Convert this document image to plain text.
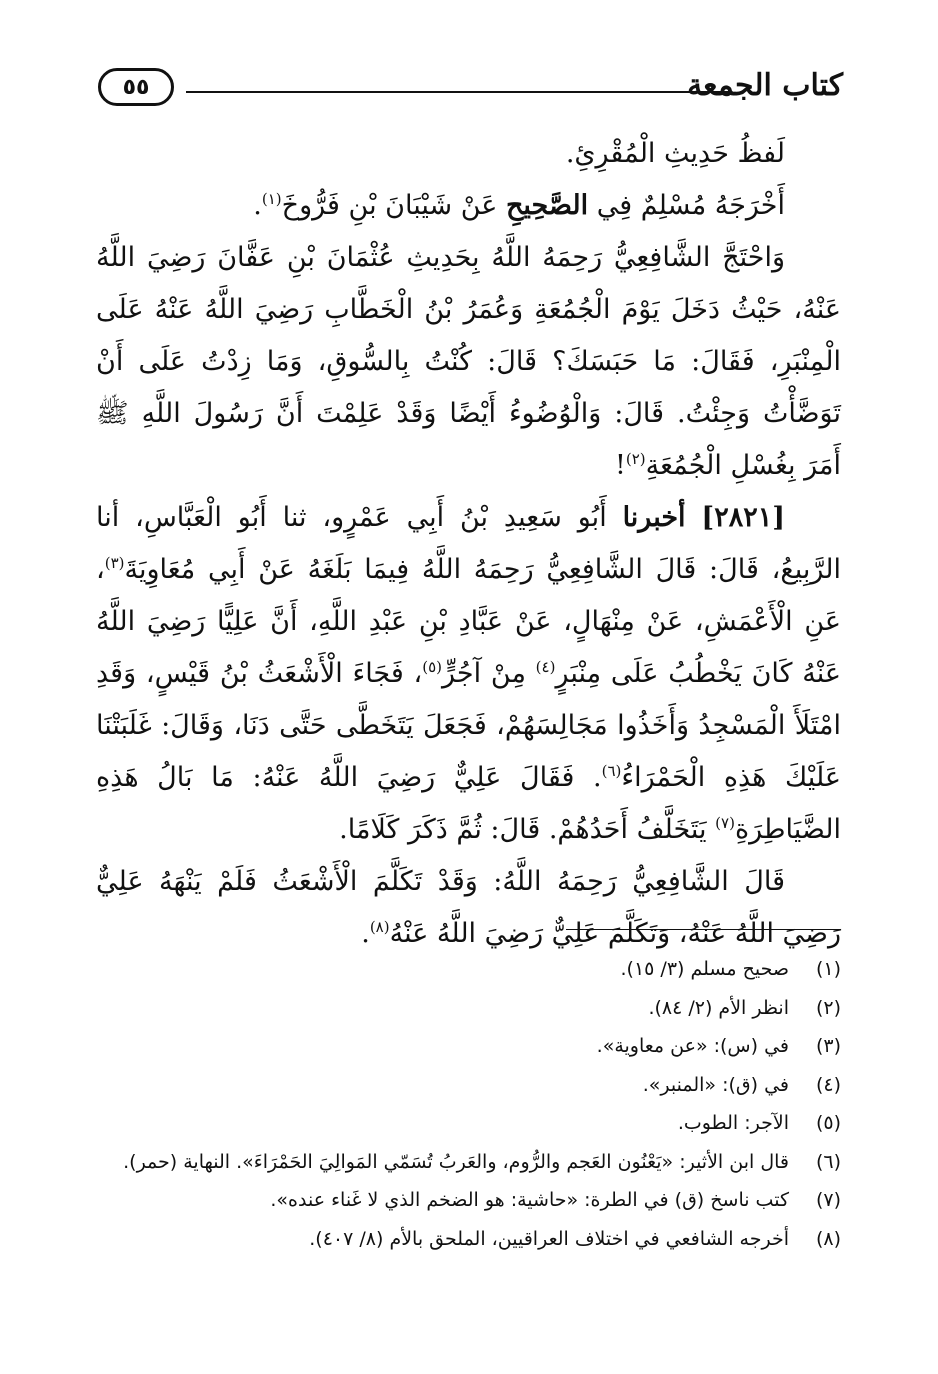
كتاب الجمعة
٥٥

لَفظُ حَدِيثِ الْمُقْرِئِ.

أَخْرَجَهُ مُسْلِمٌ فِي الصَّحِيحِ عَنْ شَيْبَانَ بْنِ فَرُّوخَ$^{(١)}$.

وَاحْتَجَّ الشَّافِعِيُّ رَحِمَهُ اللَّهُ بِحَدِيثِ عُثْمَانَ بْنِ عَفَّانَ رَضِيَ اللَّهُ عَنْهُ، حَيْثُ دَخَلَ يَوْمَ الْجُمُعَةِ وَعُمَرُ بْنُ الْخَطَّابِ رَضِيَ اللَّهُ عَنْهُ عَلَى الْمِنْبَرِ، فَقَالَ: مَا حَبَسَكَ؟ قَالَ: كُنْتُ بِالسُّوقِ، وَمَا زِدْتُ عَلَى أَنْ تَوَضَّأْتُ وَجِئْتُ. قَالَ: وَالْوُضُوءُ أَيْضًا وَقَدْ عَلِمْتَ أَنَّ رَسُولَ اللَّهِ ﷺ أَمَرَ بِغُسْلِ الْجُمُعَةِ$^{(٢)}$!

[٢٨٢١] أخبرنا أَبُو سَعِيدِ بْنُ أَبِي عَمْرٍو، ثنا أَبُو الْعَبَّاسِ، أنا الرَّبِيعُ، قَالَ: قَالَ الشَّافِعِيُّ رَحِمَهُ اللَّهُ فِيمَا بَلَغَهُ عَنْ أَبِي مُعَاوِيَةَ$^{(٣)}$، عَنِ الْأَعْمَشِ، عَنْ مِنْهَالٍ، عَنْ عَبَّادِ بْنِ عَبْدِ اللَّهِ، أَنَّ عَلِيًّا رَضِيَ اللَّهُ عَنْهُ كَانَ يَخْطُبُ عَلَى مِنْبَرٍ$^{(٤)}$ مِنْ آجُرٍّ$^{(٥)}$، فَجَاءَ الْأَشْعَثُ بْنُ قَيْسٍ، وَقَدِ امْتَلَأَ الْمَسْجِدُ وَأَخَذُوا مَجَالِسَهُمْ، فَجَعَلَ يَتَخَطَّى حَتَّى دَنَا، وَقَالَ: غَلَبَتْنَا عَلَيْكَ هَذِهِ الْحَمْرَاءُ$^{(٦)}$. فَقَالَ عَلِيٌّ رَضِيَ اللَّهُ عَنْهُ: مَا بَالُ هَذِهِ الضَّيَاطِرَةِ$^{(٧)}$ يَتَخَلَّفُ أَحَدُهُمْ. قَالَ: ثُمَّ ذَكَرَ كَلَامًا.

قَالَ الشَّافِعِيُّ رَحِمَهُ اللَّهُ: وَقَدْ تَكَلَّمَ الْأَشْعَثُ فَلَمْ يَنْهَهُ عَلِيٌّ رَضِيَ اللَّهُ عَنْهُ، وَتَكَلَّمَ عَلِيٌّ رَضِيَ اللَّهُ عَنْهُ$^{(٨)}$.

(١)
صحيح مسلم (٣/ ١٥).
(٢)
انظر الأم (٢/ ٨٤).
(٣)
في (س): «عن معاوية».
(٤)
في (ق): «المنبر».
(٥)
الآجر: الطوب.
(٦)
قال ابن الأثير: «يَعْنُون العَجم والرُّوم، والعَربُ تُسَمّي المَوالِيَ الحَمْرَاءَ». النهاية (حمر).
(٧)
كتب ناسخ (ق) في الطرة: «حاشية: هو الضخم الذي لا غَناء عنده».
(٨)
أخرجه الشافعي في اختلاف العراقيين، الملحق بالأم (٨/ ٤٠٧).
